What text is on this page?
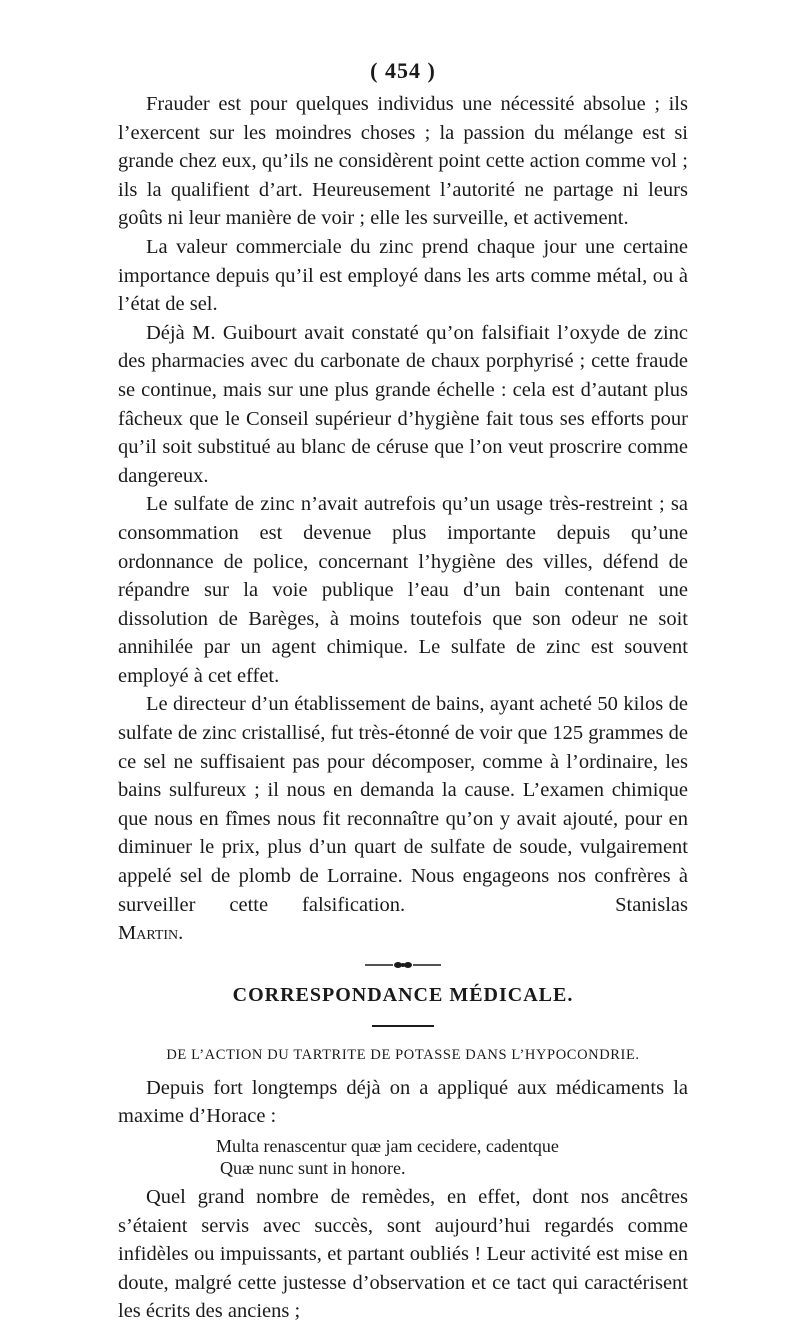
( 454 )

Frauder est pour quelques individus une nécessité absolue ; ils l’exercent sur les moindres choses ; la passion du mélange est si grande chez eux, qu’ils ne considèrent point cette action comme vol ; ils la qualifient d’art. Heureusement l’autorité ne partage ni leurs goûts ni leur manière de voir ; elle les surveille, et activement.

La valeur commerciale du zinc prend chaque jour une certaine importance depuis qu’il est employé dans les arts comme métal, ou à l’état de sel.

Déjà M. Guibourt avait constaté qu’on falsifiait l’oxyde de zinc des pharmacies avec du carbonate de chaux porphyrisé ; cette fraude se continue, mais sur une plus grande échelle : cela est d’autant plus fâcheux que le Conseil supérieur d’hygiène fait tous ses efforts pour qu’il soit substitué au blanc de céruse que l’on veut proscrire comme dangereux.

Le sulfate de zinc n’avait autrefois qu’un usage très-restreint ; sa consommation est devenue plus importante depuis qu’une ordonnance de police, concernant l’hygiène des villes, défend de répandre sur la voie publique l’eau d’un bain contenant une dissolution de Barèges, à moins toutefois que son odeur ne soit annihilée par un agent chimique. Le sulfate de zinc est souvent employé à cet effet.

Le directeur d’un établissement de bains, ayant acheté 50 kilos de sulfate de zinc cristallisé, fut très-étonné de voir que 125 grammes de ce sel ne suffisaient pas pour décomposer, comme à l’ordinaire, les bains sulfureux ; il nous en demanda la cause. L’examen chimique que nous en fîmes nous fit reconnaître qu’on y avait ajouté, pour en diminuer le prix, plus d’un quart de sulfate de soude, vulgairement appelé sel de plomb de Lorraine. Nous engageons nos confrères à surveiller cette falsification.	Stanislas Martin.

CORRESPONDANCE MÉDICALE.
DE L’ACTION DU TARTRITE DE POTASSE DANS L’HYPOCONDRIE.

Depuis fort longtemps déjà on a appliqué aux médicaments la maxime d’Horace :

Multa renascentur quæ jam cecidere, cadentque
Quæ nunc sunt in honore.

Quel grand nombre de remèdes, en effet, dont nos ancêtres s’étaient servis avec succès, sont aujourd’hui regardés comme infidèles ou impuissants, et partant oubliés ! Leur activité est mise en doute, malgré cette justesse d’observation et ce tact qui caractérisent les écrits des anciens ;
